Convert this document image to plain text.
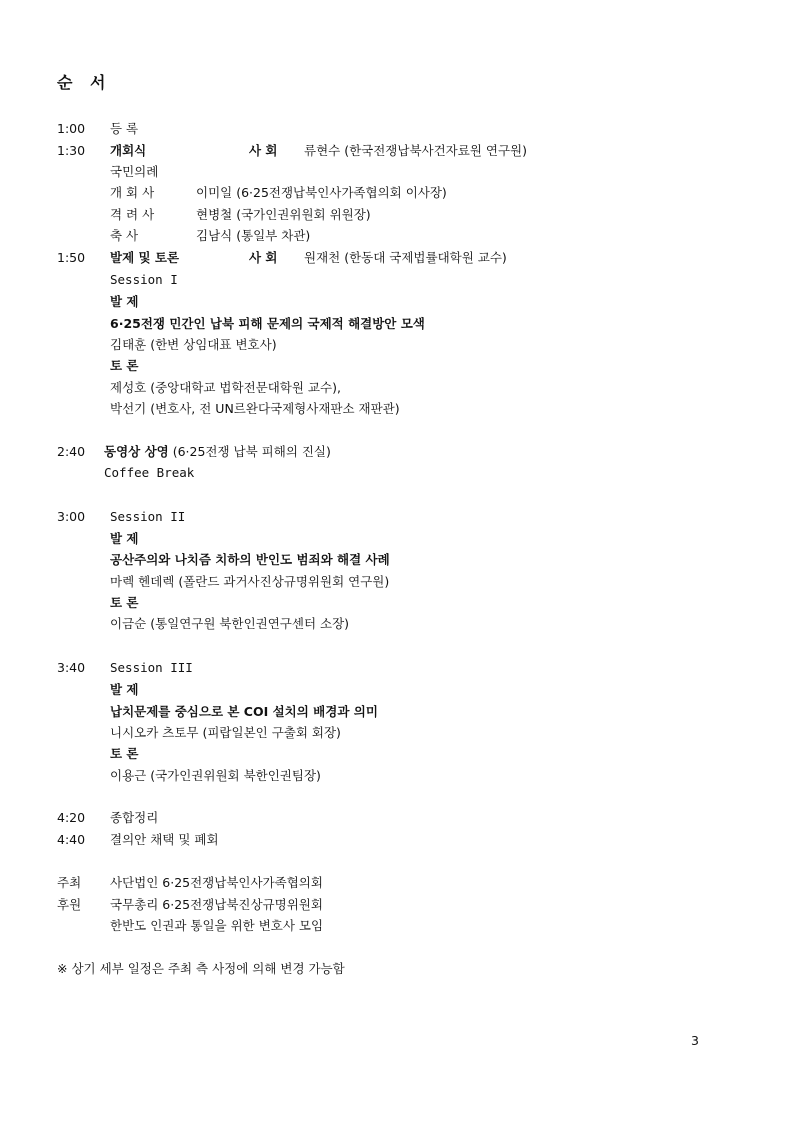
순 서
1:00 등 록
1:30 개회식	사 회 류현수 (한국전쟁납북사건자료원 연구원)
국민의례
개 회 사	이미일 (6·25전쟁납북인사가족협의회 이사장)
격 려 사	현병철 (국가인권위원회 위원장)
축 사	김남식 (통일부 차관)
1:50 발제 및 토론	사 회 원재천 (한동대 국제법률대학원 교수)
Session I
발 제
6·25전쟁 민간인 납북 피해 문제의 국제적 해결방안 모색
김태훈 (한변 상임대표 변호사)
토 론
제성호 (중앙대학교 법학전문대학원 교수),
박선기 (변호사, 전 UN르완다국제형사재판소 재판관)
2:40 동영상 상영 (6·25전쟁 납북 피해의 진실)
Coffee Break
3:00 Session II
발 제
공산주의와 나치즘 치하의 반인도 범죄와 해결 사례
마렉 헨데렉 (폴란드 과거사진상규명위원회 연구원)
토 론
이금순 (통일연구원 북한인권연구센터 소장)
3:40 Session III
발 제
납치문제를 중심으로 본 COI 설치의 배경과 의미
니시오카 츠토무 (피랍일본인 구출회 회장)
토 론
이용근 (국가인권위원회 북한인권팀장)
4:20 종합정리
4:40 결의안 채택 및 폐회
주최 사단법인 6·25전쟁납북인사가족협의회
후원 국무총리 6·25전쟁납북진상규명위원회
한반도 인권과 통일을 위한 변호사 모임
※ 상기 세부 일정은 주최 측 사정에 의해 변경 가능함
3
